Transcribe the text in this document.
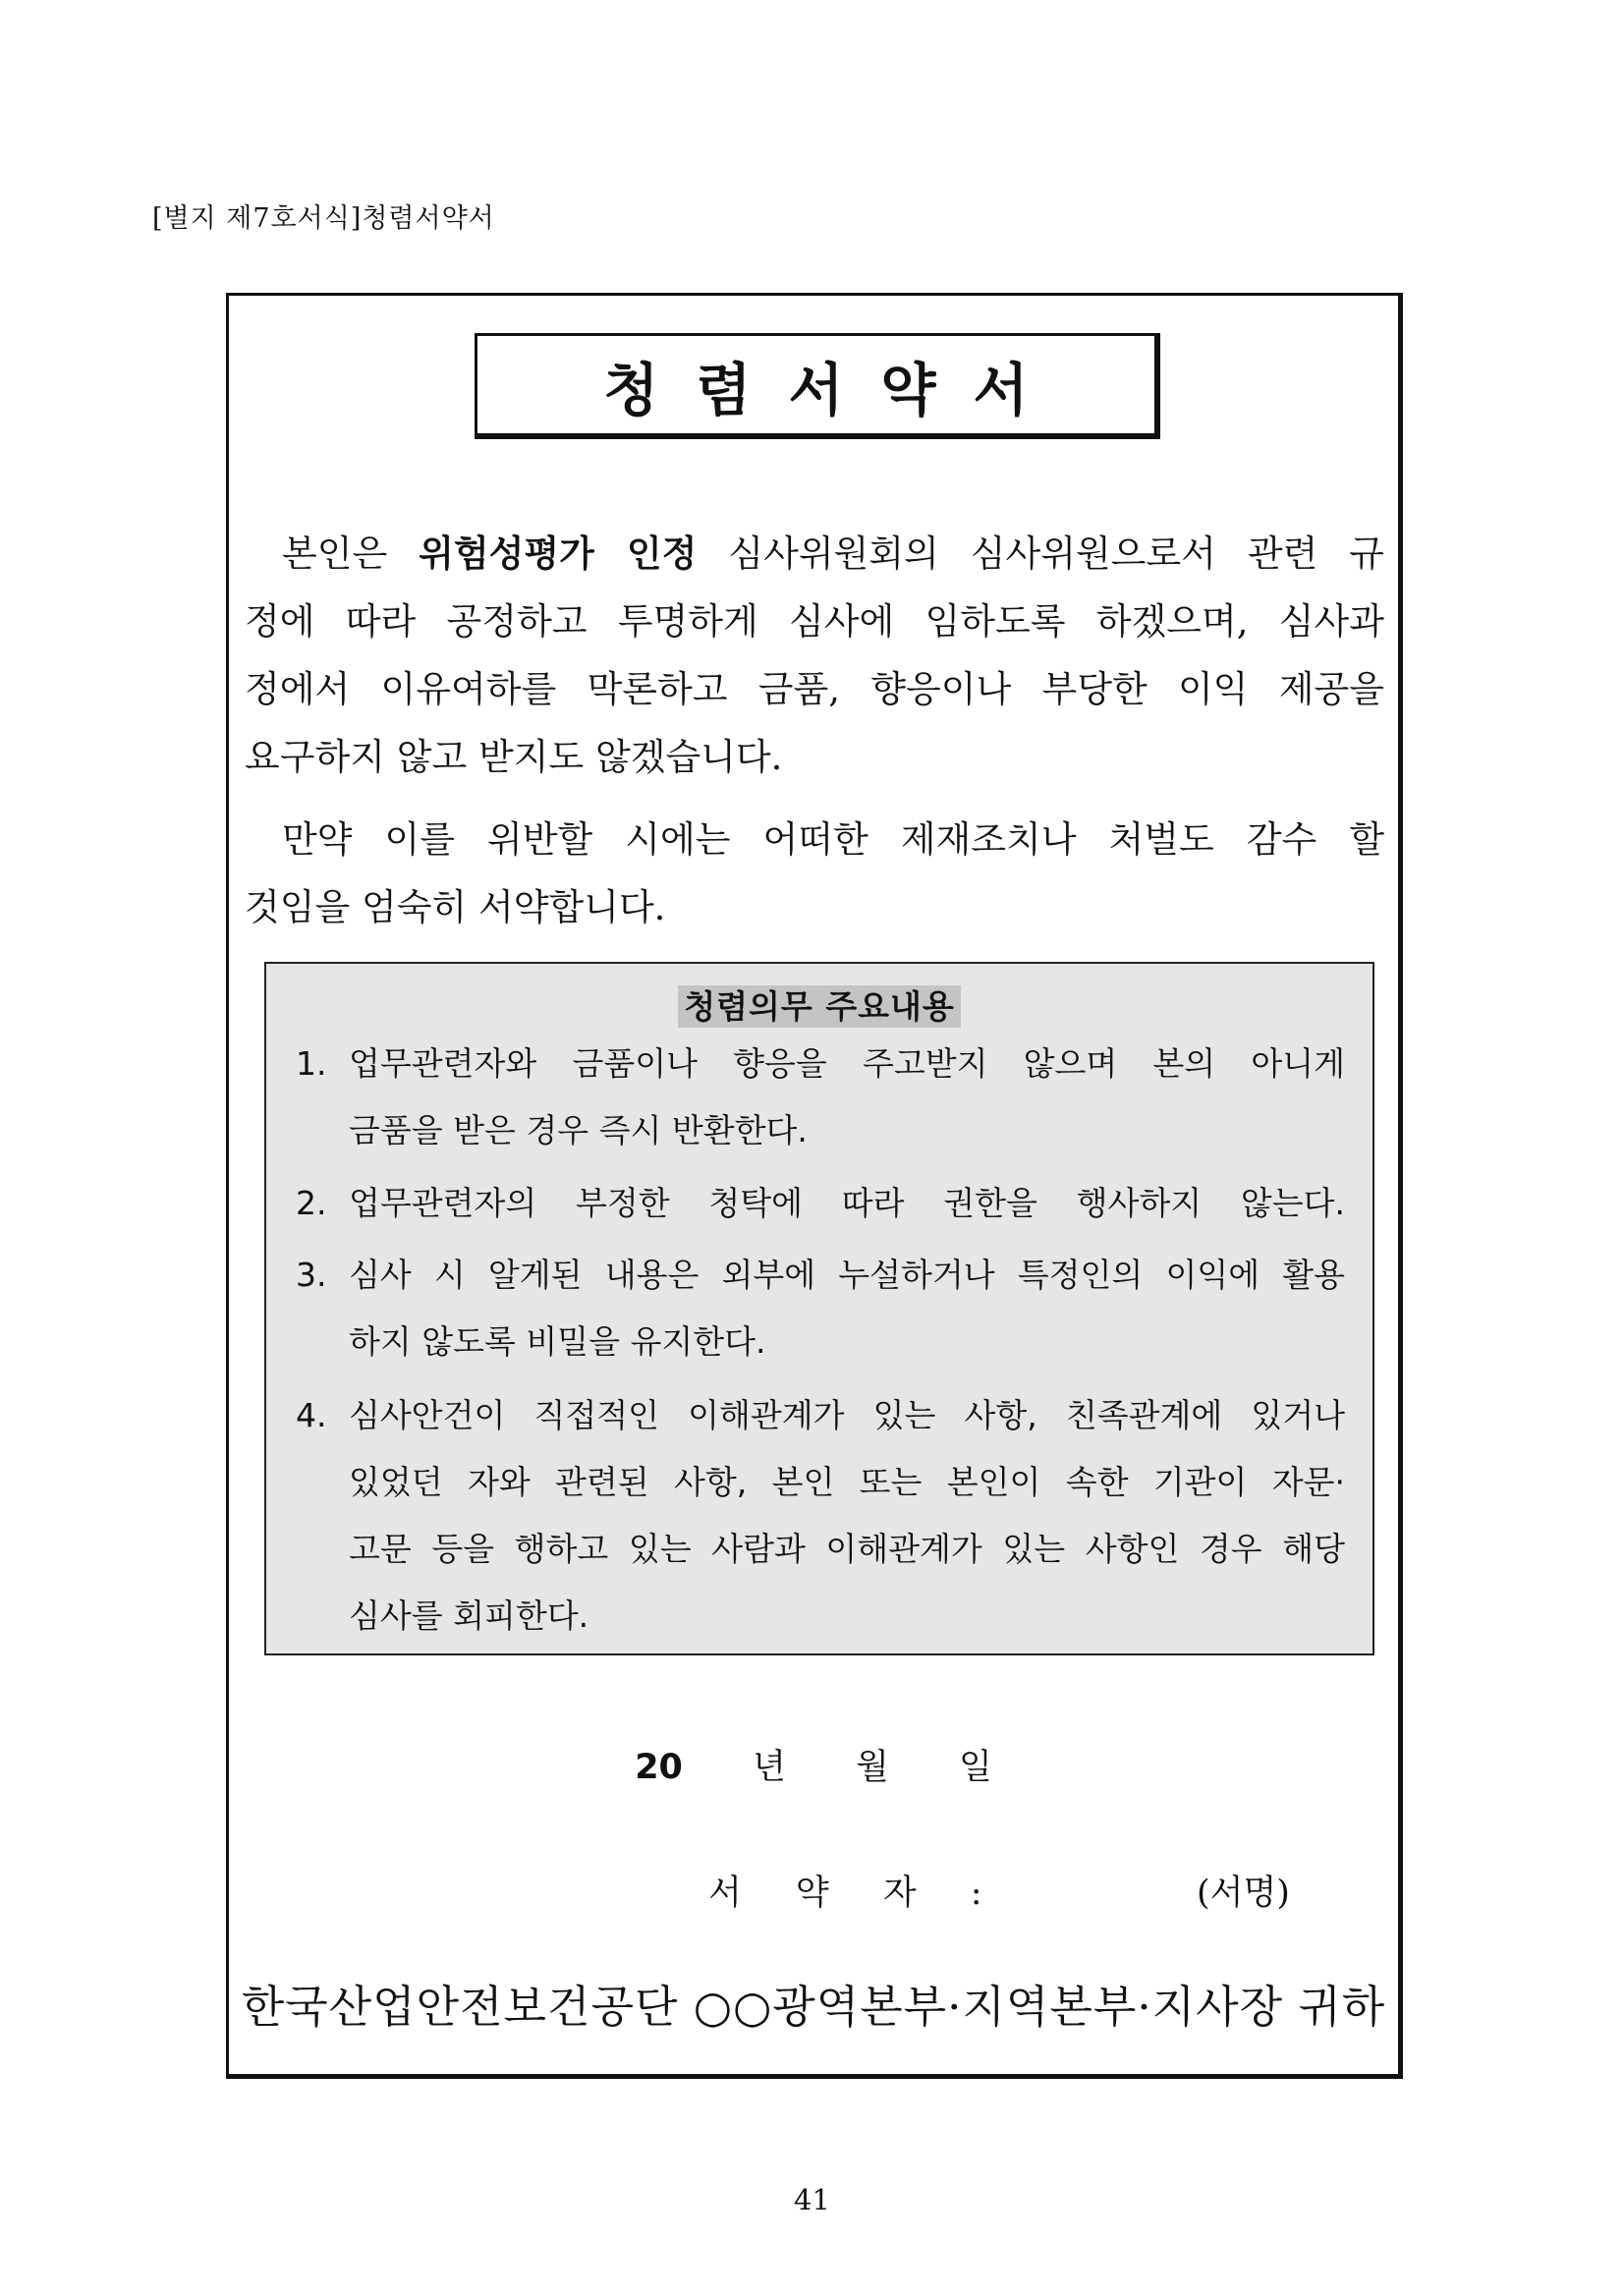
[별지 제7호서식]청렴서약서
청렴서약서
본인은 위험성평가 인정 심사위원회의 심사위원으로서 관련 규
정에 따라 공정하고 투명하게 심사에 임하도록 하겠으며, 심사과
정에서 이유여하를 막론하고 금품, 향응이나 부당한 이익 제공을
요구하지 않고 받지도 않겠습니다.
만약 이를 위반할 시에는 어떠한 제재조치나 처벌도 감수 할
것임을 엄숙히 서약합니다.
청렴의무 주요내용
1. 업무관련자와 금품이나 향응을 주고받지 않으며 본의 아니게
금품을 받은 경우 즉시 반환한다.
2. 업무관련자의 부정한 청탁에 따라 권한을 행사하지 않는다.
3. 심사 시 알게된 내용은 외부에 누설하거나 특정인의 이익에 활용
하지 않도록 비밀을 유지한다.
4. 심사안건이 직접적인 이해관계가 있는 사항, 친족관계에 있거나
있었던 자와 관련된 사항, 본인 또는 본인이 속한 기관이 자문·
고문 등을 행하고 있는 사람과 이해관계가 있는 사항인 경우 해당
심사를 회피한다.
20 년 월 일
서 약 자 :	(서명)
한국산업안전보건공단 ○○광역본부·지역본부·지사장 귀하
41
